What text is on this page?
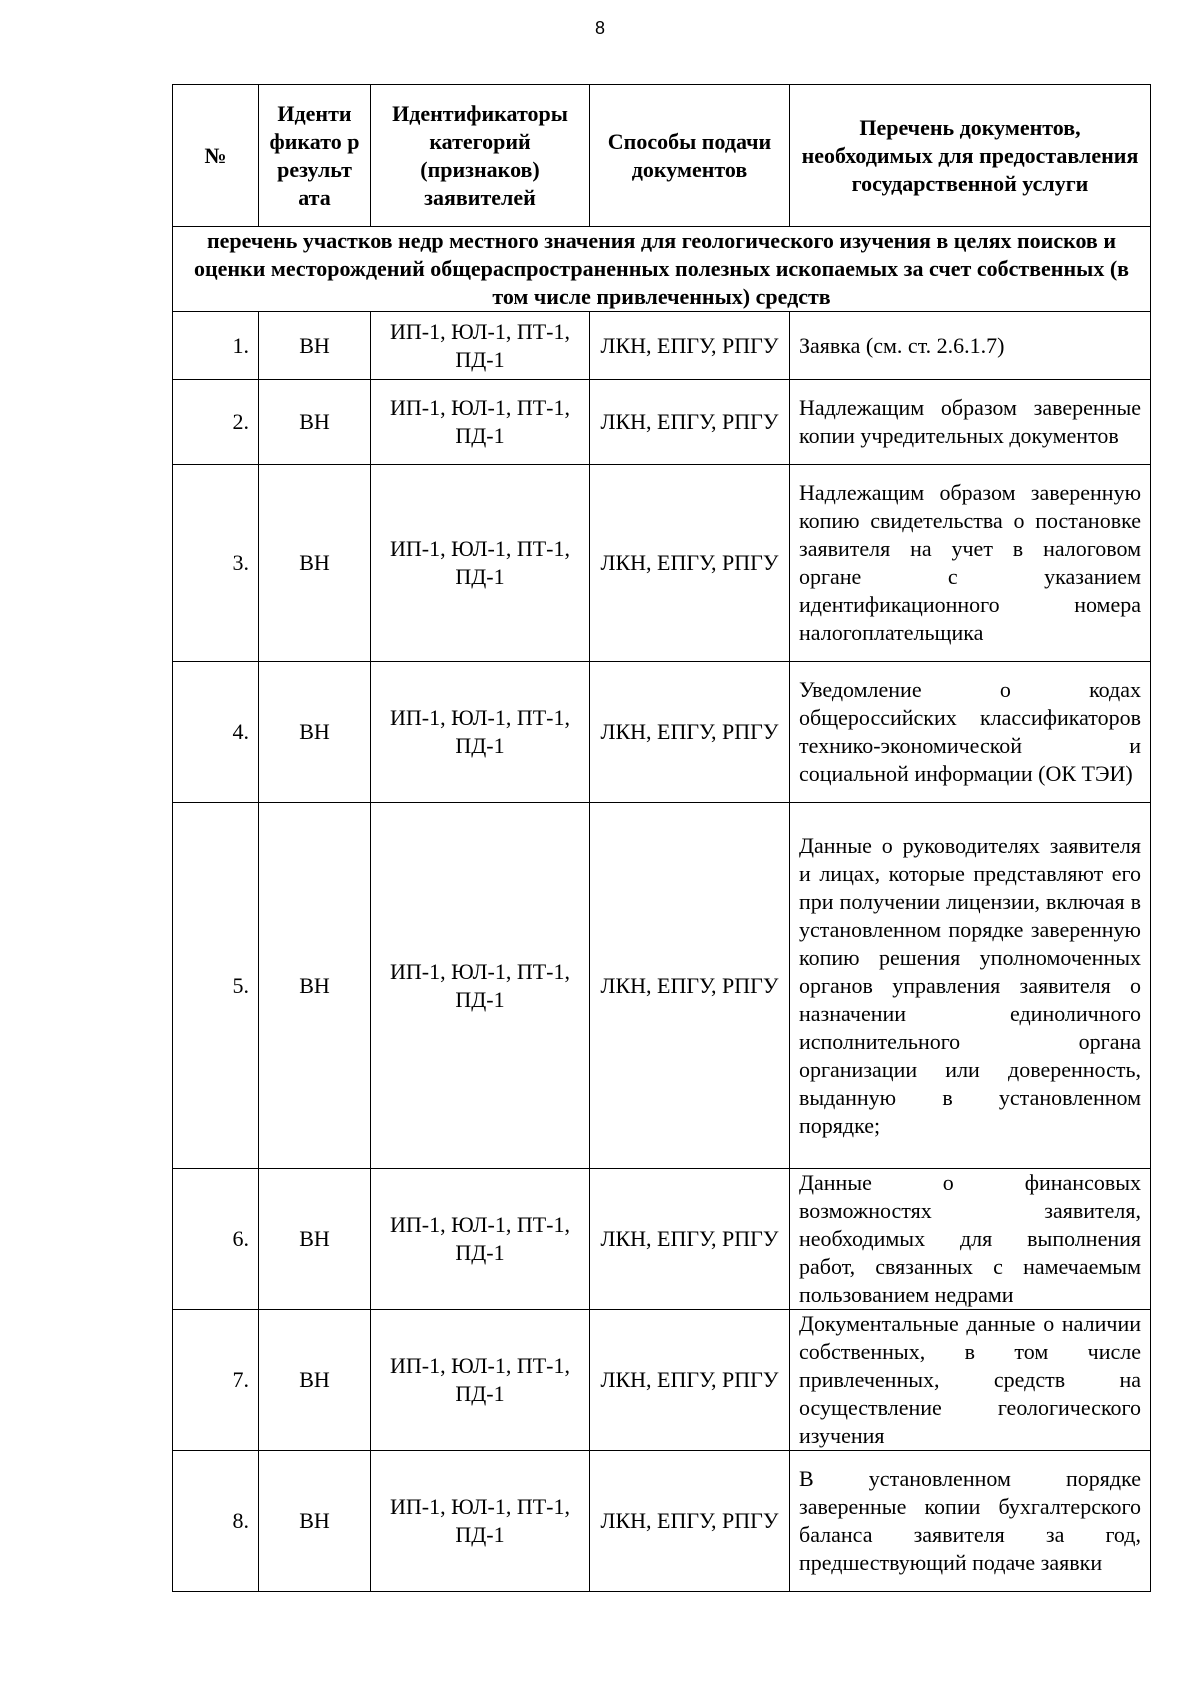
8
№	Иденти фикато р результ ата	Идентификаторы категорий (признаков) заявителей	Способы подачи документов	Перечень документов, необходимых для предоставления государственной услуги
перечень участков недр местного значения для геологического изучения в целях поисков и оценки месторождений общераспространенных полезных ископаемых за счет собственных (в том числе привлеченных) средств				
1.	ВН	ИП-1, ЮЛ-1, ПТ-1, ПД-1	ЛКН, ЕПГУ, РПГУ	Заявка (см. ст. 2.6.1.7)
2.	ВН	ИП-1, ЮЛ-1, ПТ-1, ПД-1	ЛКН, ЕПГУ, РПГУ	Надлежащим образом заверенные копии учредительных документов
3.	ВН	ИП-1, ЮЛ-1, ПТ-1, ПД-1	ЛКН, ЕПГУ, РПГУ	Надлежащим образом заверенную копию свидетельства о постановке заявителя на учет в налоговом органе с указанием идентификационного номера налогоплательщика
4.	ВН	ИП-1, ЮЛ-1, ПТ-1, ПД-1	ЛКН, ЕПГУ, РПГУ	Уведомление о кодах общероссийских классификаторов технико-экономической и социальной информации (ОК ТЭИ)
5.	ВН	ИП-1, ЮЛ-1, ПТ-1, ПД-1	ЛКН, ЕПГУ, РПГУ	Данные о руководителях заявителя и лицах, которые представляют его при получении лицензии, включая в установленном порядке заверенную копию решения уполномоченных органов управления заявителя о назначении единоличного исполнительного органа организации или доверенность, выданную в установленном порядке;
6.	ВН	ИП-1, ЮЛ-1, ПТ-1, ПД-1	ЛКН, ЕПГУ, РПГУ	Данные о финансовых возможностях заявителя, необходимых для выполнения работ, связанных с намечаемым пользованием недрами
7.	ВН	ИП-1, ЮЛ-1, ПТ-1, ПД-1	ЛКН, ЕПГУ, РПГУ	Документальные данные о наличии собственных, в том числе привлеченных, средств на осуществление геологического изучения
8.	ВН	ИП-1, ЮЛ-1, ПТ-1, ПД-1	ЛКН, ЕПГУ, РПГУ	В установленном порядке заверенные копии бухгалтерского баланса заявителя за год, предшествующий подаче заявки
